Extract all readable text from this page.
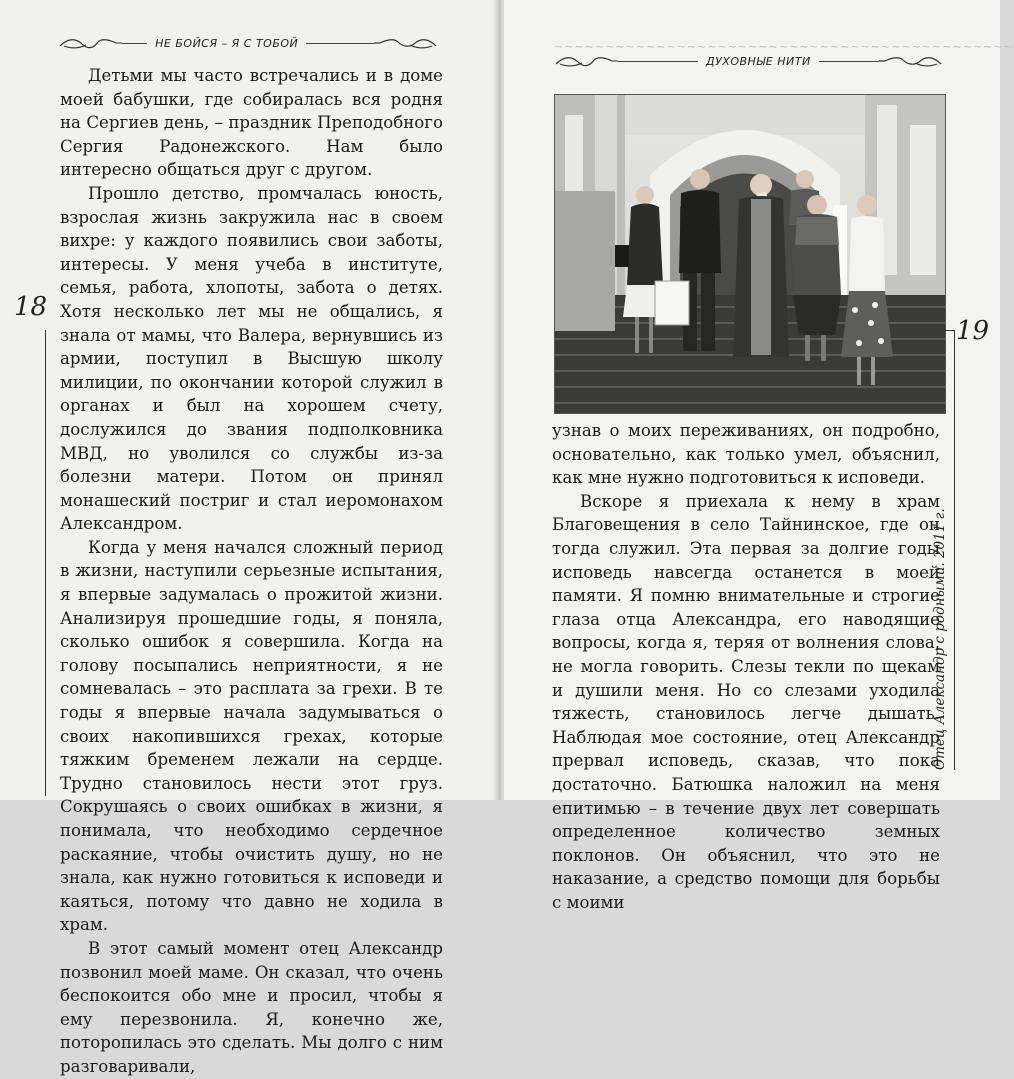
НЕ БОЙСЯ – Я С ТОБОЙ

Детьми мы часто встречались и в доме моей бабушки, где собиралась вся родня на Сергиев день, – праздник Преподобного Сергия Радонежского. Нам было интересно общаться друг с другом.

Прошло детство, промчалась юность, взрослая жизнь закружила нас в своем вихре: у каждого появились свои заботы, интересы. У меня учеба в институте, семья, работа, хлопоты, забота о детях. Хотя несколько лет мы не общались, я знала от мамы, что Валера, вернувшись из армии, поступил в Высшую школу милиции, по окончании которой служил в органах и был на хорошем счету, дослужился до звания подполковника МВД, но уволился со службы из-за болезни матери. Потом он принял монашеский постриг и стал иеромонахом Александром.

Когда у меня начался сложный период в жизни, наступили серьезные испытания, я впервые задумалась о прожитой жизни. Анализируя прошедшие годы, я поняла, сколько ошибок я совершила. Когда на голову посыпались неприятности, я не сомневалась – это расплата за грехи. В те годы я впервые начала задумываться о своих накопившихся грехах, которые тяжким бременем лежали на сердце. Трудно становилось нести этот груз. Сокрушаясь о своих ошибках в жизни, я понимала, что необходимо сердечное раскаяние, чтобы очистить душу, но не знала, как нужно готовиться к исповеди и каяться, потому что давно не ходила в храм.

В этот самый момент отец Александр позвонил моей маме. Он сказал, что очень беспокоится обо мне и просил, чтобы я ему перезвонила. Я, конечно же, поторопилась это сделать. Мы долго с ним разговаривали,

18
~~~~~~~~~~~~~~~~~~~~~~~~~~~~~~~~~~~~~~~~~~~~~
ДУХОВНЫЕ НИТИ

узнав о моих переживаниях, он подробно, основательно, как только умел, объяснил, как мне нужно подготовиться к исповеди.

Вскоре я приехала к нему в храм Благовещения в село Тайнинское, где он тогда служил. Эта первая за долгие годы исповедь навсегда останется в моей памяти. Я помню внимательные и строгие глаза отца Александра, его наводящие вопросы, когда я, теряя от волнения слова, не могла говорить. Слезы текли по щекам и душили меня. Но со слезами уходила тяжесть, становилось легче дышать. Наблюдая мое состояние, отец Александр прервал исповедь, сказав, что пока достаточно. Батюшка наложил на меня епитимью – в течение двух лет совершать определенное количество земных поклонов. Он объяснил, что это не наказание, а средство помощи для борьбы с моими

19
Отец Александр с родными. 2011 г.
